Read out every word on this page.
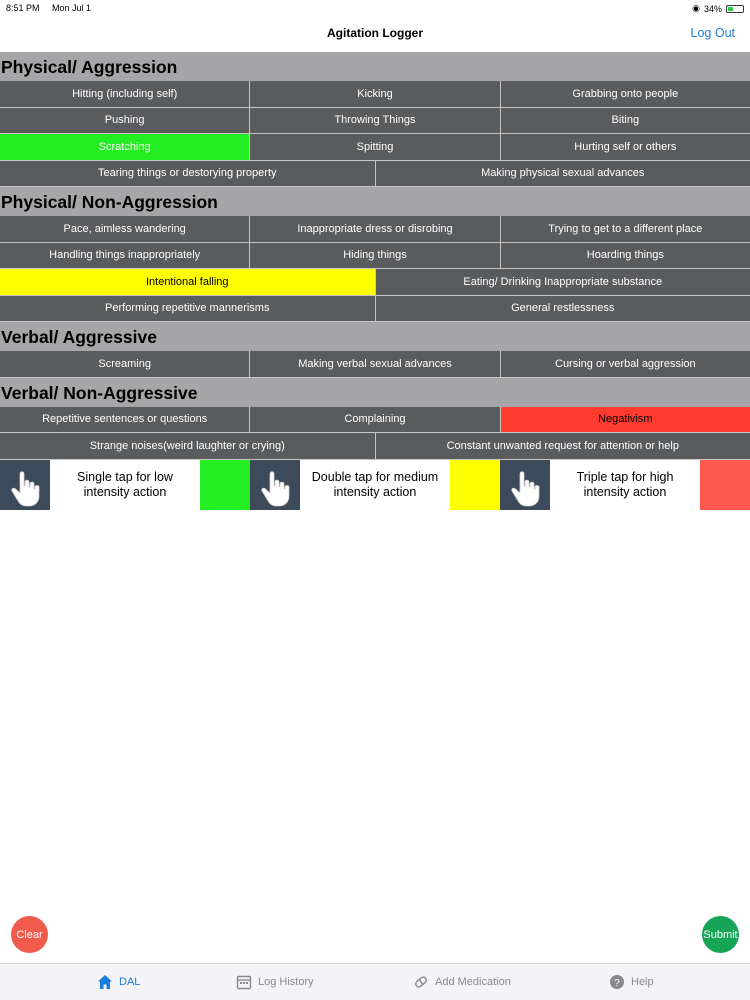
8:51 PM Mon Jul 1	◉ 34%
Agitation Logger	Log Out
Physical/ Aggression
Hitting (including self)	Kicking	Grabbing onto people
Pushing	Throwing Things	Biting
Scratching	Spitting	Hurting self or others
Tearing things or destorying property	Making physical sexual advances
Physical/ Non-Aggression
Pace, aimless wandering	Inappropriate dress or disrobing	Trying to get to a different place
Handling things inappropriately	Hiding things	Hoarding things
Intentional falling	Eating/ Drinking Inappropriate substance
Performing repetitive mannerisms	General restlessness
Verbal/ Aggressive
Screaming	Making verbal sexual advances	Cursing or verbal aggression
Verbal/ Non-Aggressive
Repetitive sentences or questions	Complaining	Negativism
Strange noises(weird laughter or crying)	Constant unwanted request for attention or help
Single tap for low intensity action
Double tap for medium intensity action
Triple tap for high intensity action
Clear	Submit
DAL	Log History	Add Medication	? Help
